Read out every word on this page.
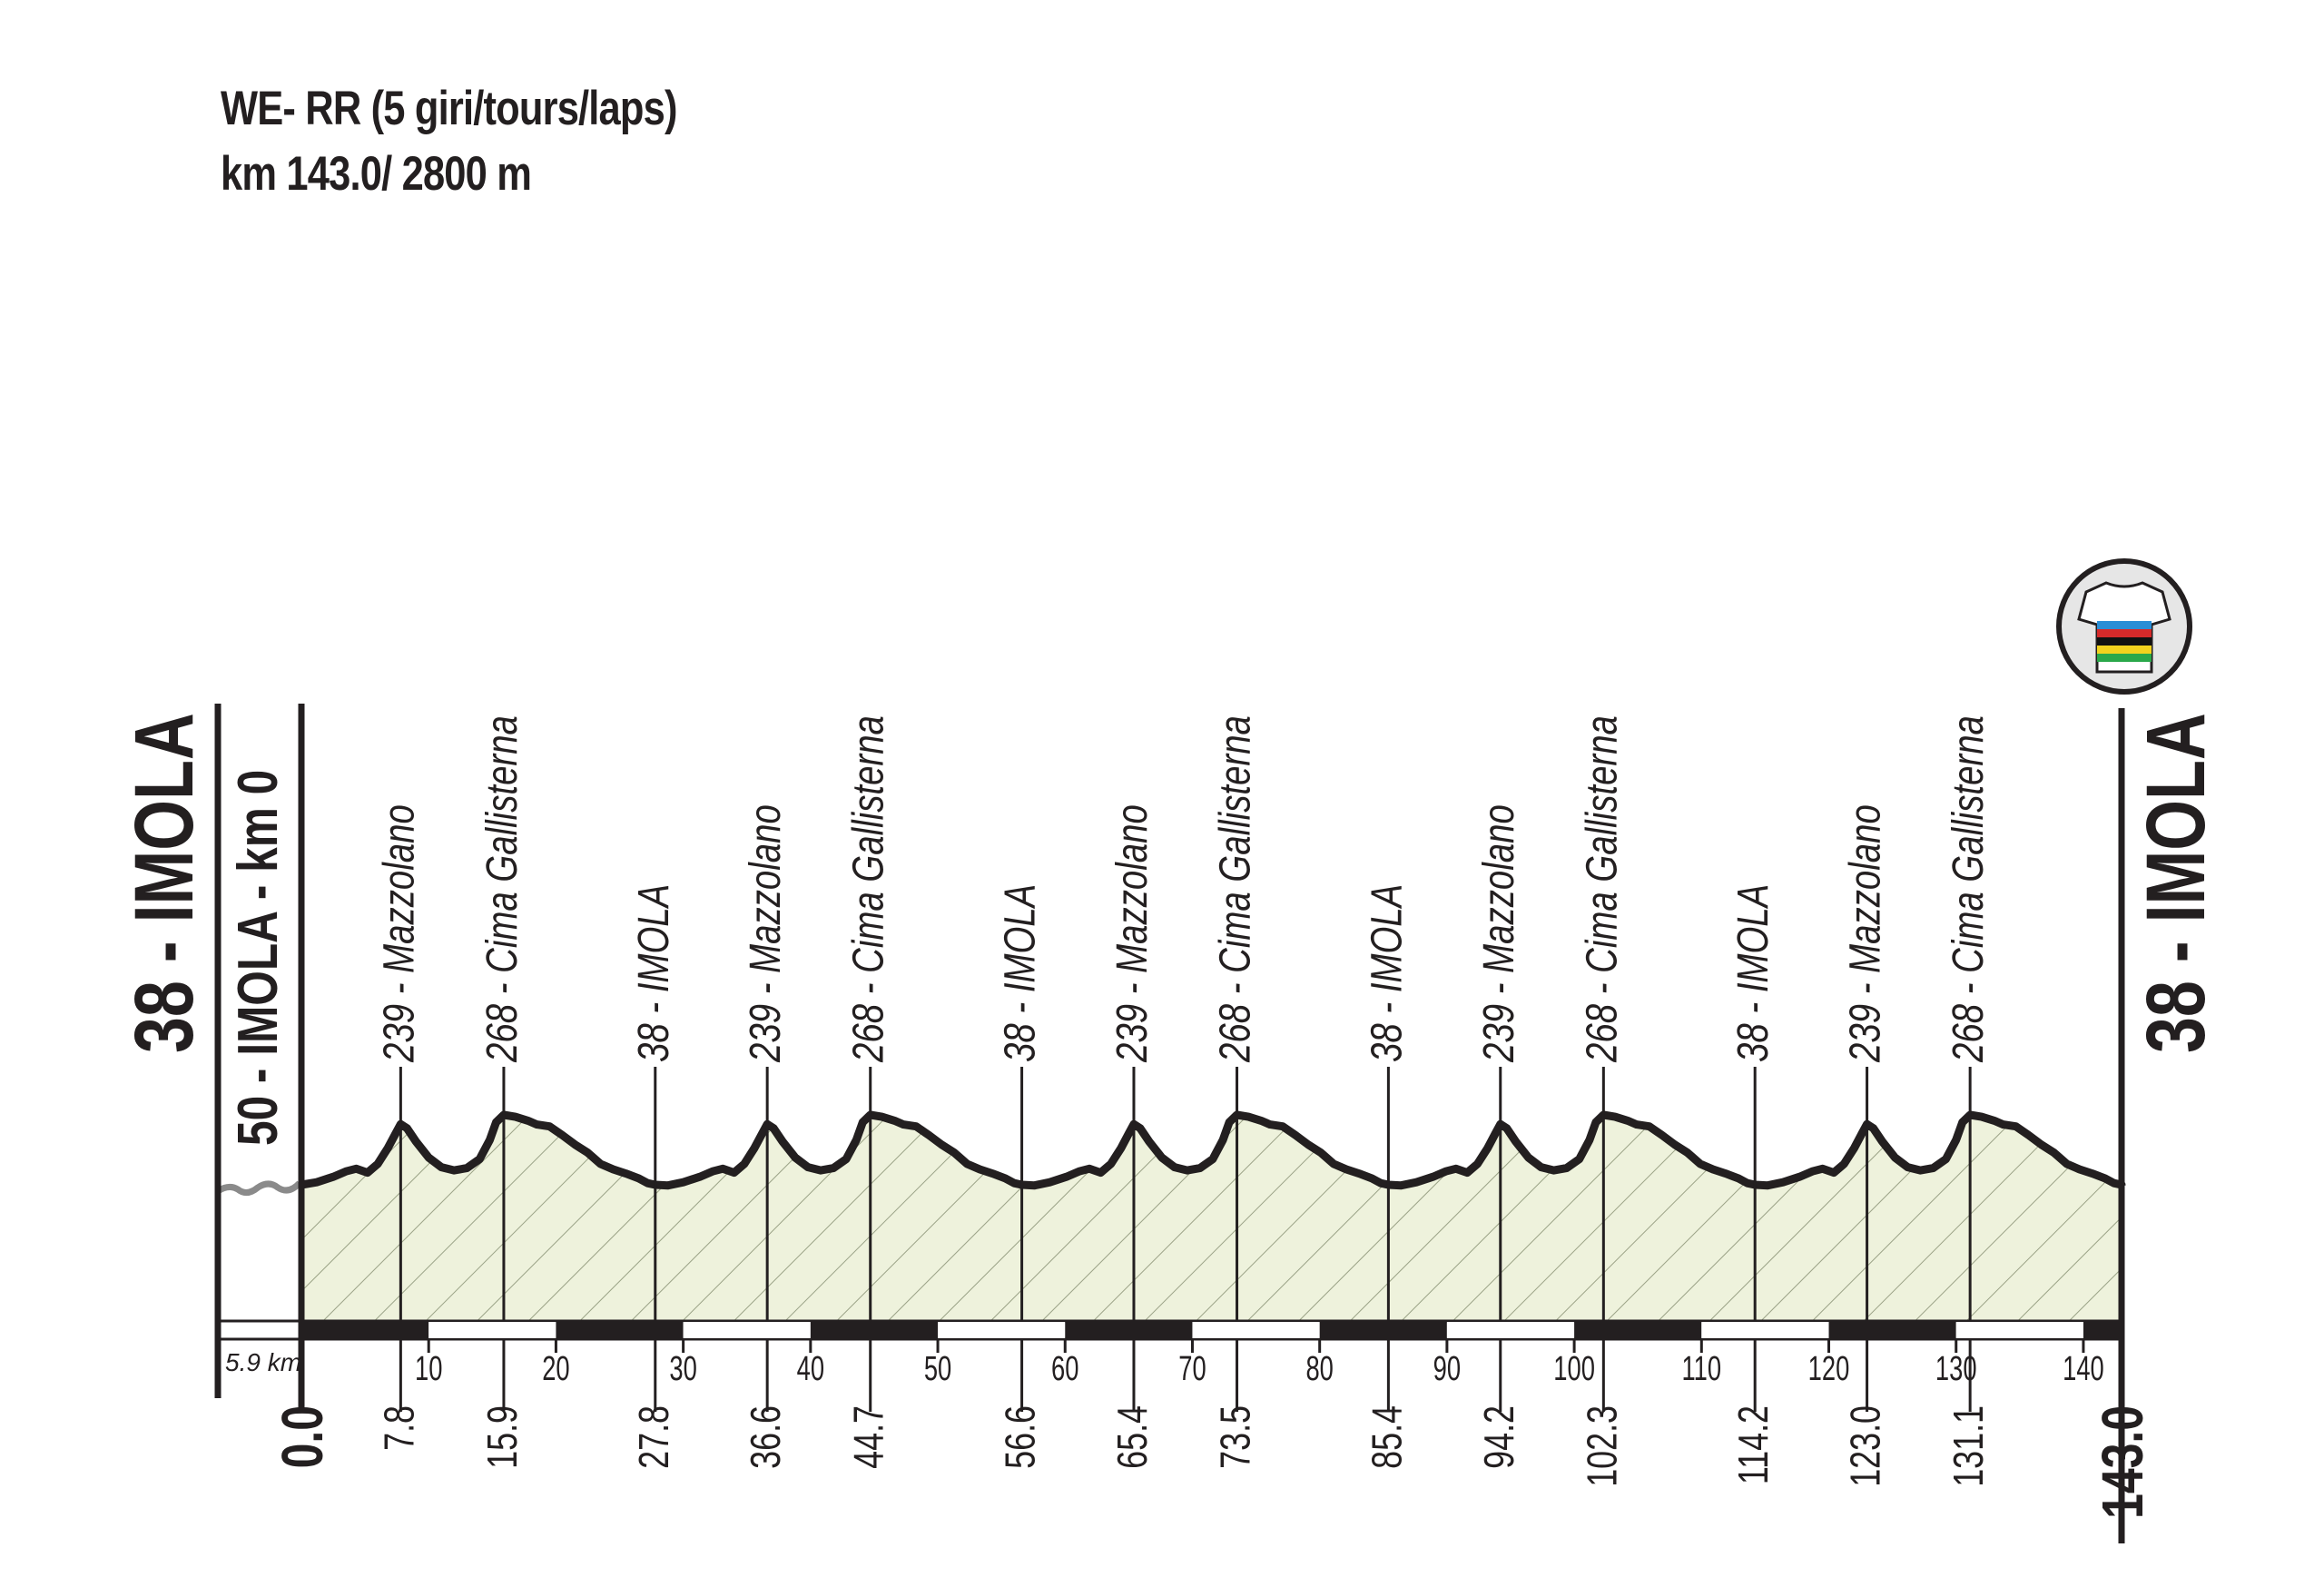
WE- RR (5 giri/tours/laps)
km 143.0/ 2800 m
10	20	30	40	50	60	70	80	90	100	110	120 130 140
5.9 km
239 - Mazzolano
7.8
268 - Cima Gallisterna
15.9
38 - IMOLA
27.8
239 - Mazzolano
36.6
268 - Cima Gallisterna
44.7
38 - IMOLA
56.6
239 - Mazzolano
65.4
268 - Cima Gallisterna
73.5
38 - IMOLA
85.4
239 - Mazzolano
94.2
268 - Cima Gallisterna
102.3
38 - IMOLA
114.2
239 - Mazzolano
123.0
268 - Cima Gallisterna
131.1
0.0	143.0
38 - IMOLA 50 - IMOLA - km 0	38 - IMOLA
